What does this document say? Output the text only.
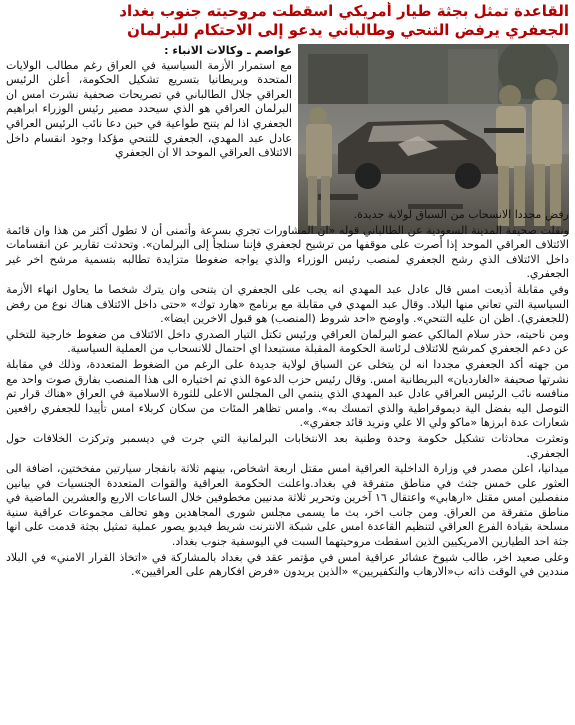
القاعدة تمثل بجثة طيار أمريكي اسقطت مروحيته جنوب بغداد
الجعفري يرفض التنحي وطالباني يدعو إلى الاحتكام للبرلمان

عواصم ـ وكالات الانباء :

مع استمرار الأزمة السياسية في العراق رغم مطالب الولايات المتحدة وبريطانيا بتسريع تشكيل الحكومة، أعلن الرئيس العراقي جلال الطالباني في تصريحات صحفية نشرت امس ان البرلمان العراقي هو الذي سيحدد مصير رئيس الوزراء ابراهيم الجعفري اذا لم يتنح طواعية في حين دعا نائب الرئيس العراقي عادل عبد المهدي، الجعفري للتنحي مؤكدا وجود انقسام داخل الائتلاف العراقي الموحد الا ان الجعفري

رفض مجددا الانسحاب من السباق لولاية جديدة.

ونقلت صحيفة المدينة السعودية عن الطالباني قوله «ان المشاورات تجري بسرعة وأتمنى أن لا تطول أكثر من هذا وان قائمة الائتلاف العراقي الموحد إذا أصرت على موقفها من ترشيح لجعفري فإننا سنلجأ إلى البرلمان». وتحدثت تقارير عن انقسامات داخل الائتلاف الذي رشح الجعفري لمنصب رئيس الوزراء والذي يواجه ضغوطا متزايدة تطالبه بتسمية مرشح اخر غير الجعفري.

وفي مقابلة أذيعت امس قال عادل عبد المهدي انه يجب على الجعفري ان يتنحى وان يترك شخصا ما يحاول انهاء الأزمة السياسية التي تعاني منها البلاد. وقال عبد المهدي في مقابلة مع برنامج «هارد توك» «حتى داخل الائتلاف هناك نوع من رفض (للجعفري). اظن ان عليه التنحي». واوضح «احد شروط (المنصب) هو قبول الاخرين ايضا».

ومن ناحيته، حذر سلام المالكي عضو البرلمان العراقي ورئيس تكتل التيار الصدري داخل الائتلاف من ضغوط خارجية للتخلي عن دعم الجعفري كمرشح للائتلاف لرئاسة الحكومة المقبلة مستبعدا اي احتمال للانسحاب من العملية السياسية.

من جهته أكد الجعفري مجددا انه لن يتخلى عن السباق لولاية جديدة على الرغم من الضغوط المتعددة، وذلك في مقابلة نشرتها صحيفة «الغارديان» البريطانية امس. وقال رئيس حزب الدعوة الذي تم اختياره الى هذا المنصب بفارق صوت واحد مع منافسه نائب الرئيس العراقي عادل عبد المهدي الذي ينتمي الى المجلس الاعلى للثورة الاسلامية في العراق «هناك قرار تم التوصل اليه بفضل الية ديموقراطية والذي اتمسك به». وامس تظاهر المئات من سكان كربلاء امس تأييدا للجعفري رافعين شعارات عدة ابرزها «ماكو ولي الا علي ونريد قائد جعفري».

وتعثرت محادثات تشكيل حكومة وحدة وطنية بعد الانتخابات البرلمانية التي جرت في ديسمبر وتركزت الخلافات حول الجعفري.

ميدانيا، اعلن مصدر في وزارة الداخلية العراقية امس مقتل اربعة اشخاص، بينهم ثلاثة بانفجار سيارتين مفخختين، اضافة الى العثور على خمس جثث في مناطق متفرقة في بغداد.واعلنت الحكومة العراقية والقوات المتعددة الجنسيات في بيانين منفصلين امس مقتل «ارهابي» واعتقال ١٦ آخرين وتحرير ثلاثة مدنيين مخطوفين خلال الساعات الاربع والعشرين الماضية في مناطق متفرقة من العراق. ومن جانب اخر، بث ما يسمى مجلس شورى المجاهدين وهو تحالف مجموعات عراقية سنية مسلحة بقيادة الفرع العراقي لتنظيم القاعدة امس على شبكة الانترنت شريط فيديو يصور عملية تمثيل بجثة قدمت على انها جثة احد الطيارين الامريكيين الذين اسقطت مروحيتهما السبت في اليوسفية جنوب بغداد.

وعلى صعيد اخر، طالب شيوخ عشائر عراقية امس في مؤتمر عقد في بغداد بالمشاركة في «اتخاذ القرار الامني» في البلاد منددين في الوقت ذاته ب«الارهاب والتكفيريين» «الذين يريدون «فرض افكارهم على العراقيين».
